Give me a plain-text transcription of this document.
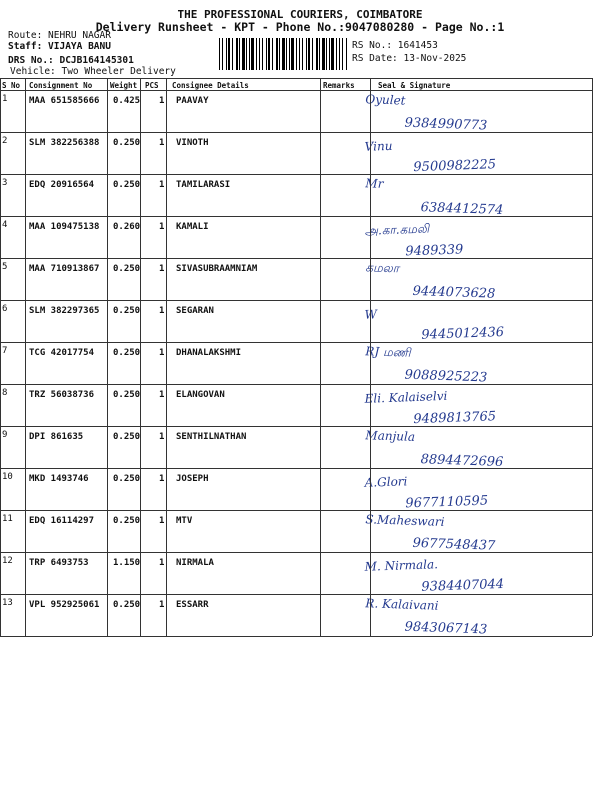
THE PROFESSIONAL COURIERS, COIMBATORE
Delivery Runsheet - KPT - Phone No.:9047080280 - Page No.:1
Route: NEHRU NAGAR
Staff: VIJAYA BANU
DRS No.: DCJB164145301
Vehicle: Two Wheeler Delivery
RS No.: 1641453
RS Date: 13-Nov-2025
S No Consignment No Weight PCS Consignee Details	Remarks	Seal & Signature
1 MAA 651585666 0.425 1 PAAVAY	Oyulet
9384990773
2 SLM 382256388 0.250 1 VINOTH	Vinu
9500982225
3 EDQ 20916564 0.250 1 TAMILARASI	Mr
6384412574
4 MAA 109475138 0.260 1 KAMALI	அ.கா.கமலி
9489339
5 MAA 710913867 0.250 1 SIVASUBRAAMNIAM	கமலா
9444073628
6 SLM 382297365 0.250 1 SEGARAN	W
9445012436
7 TCG 42017754 0.250 1 DHANALAKSHMI	RJ மணி
9088925223
8 TRZ 56038736 0.250 1 ELANGOVAN	Eli. Kalaiselvi
9489813765
9 DPI 861635	0.250 1 SENTHILNATHAN	Manjula
8894472696
10 MKD 1493746	0.250 1 JOSEPH	A.Glori
9677110595
11 EDQ 16114297 0.250 1 MTV	S.Maheswari
9677548437
12 TRP 6493753	1.150 1 NIRMALA	M. Nirmala.
9384407044
13 VPL 952925061 0.250 1 ESSARR	R. Kalaivani
9843067143
